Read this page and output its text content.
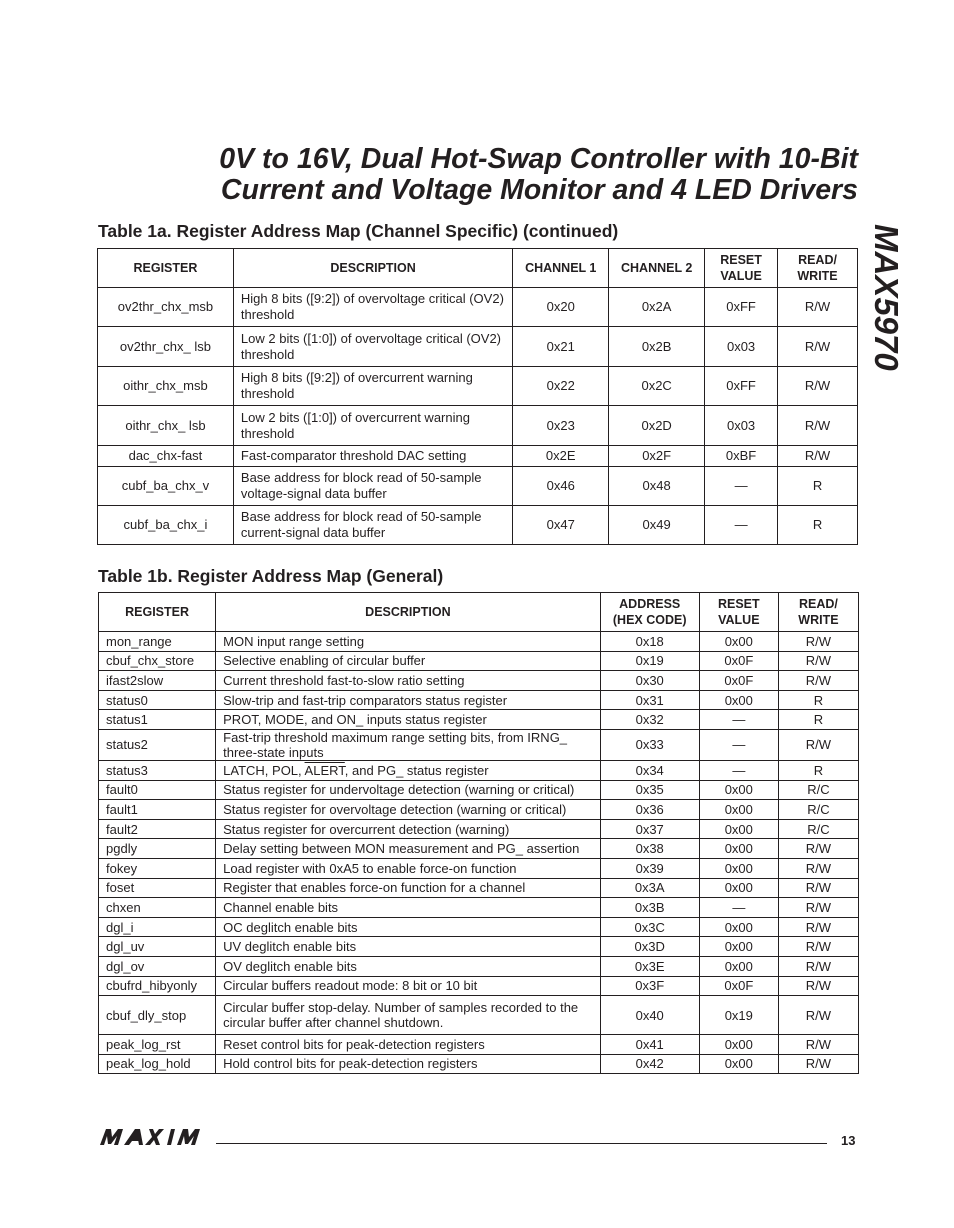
0V to 16V, Dual Hot-Swap Controller with 10-Bit
Current and Voltage Monitor and 4 LED Drivers
MAX5970
Table 1a. Register Address Map (Channel Specific) (continued)
REGISTER	DESCRIPTION	CHANNEL 1	CHANNEL 2	RESET VALUE	READ/ WRITE
ov2thr_chx_msb	High 8 bits ([9:2]) of overvoltage critical (OV2) threshold	0x20	0x2A	0xFF	R/W
ov2thr_chx_ lsb	Low 2 bits ([1:0]) of overvoltage critical (OV2) threshold	0x21	0x2B	0x03	R/W
oithr_chx_msb	High 8 bits ([9:2]) of overcurrent warning threshold	0x22	0x2C	0xFF	R/W
oithr_chx_ lsb	Low 2 bits ([1:0]) of overcurrent warning threshold	0x23	0x2D	0x03	R/W
dac_chx-fast	Fast-comparator threshold DAC setting	0x2E	0x2F	0xBF	R/W
cubf_ba_chx_v	Base address for block read of 50-sample voltage-signal data buffer	0x46	0x48	—	R
cubf_ba_chx_i	Base address for block read of 50-sample current-signal data buffer	0x47	0x49	—	R
Table 1b. Register Address Map (General)
REGISTER	DESCRIPTION	ADDRESS (HEX CODE)	RESET VALUE	READ/ WRITE
mon_range	MON input range setting	0x18	0x00	R/W
cbuf_chx_store	Selective enabling of circular buffer	0x19	0x0F	R/W
ifast2slow	Current threshold fast-to-slow ratio setting	0x30	0x0F	R/W
status0	Slow-trip and fast-trip comparators status register	0x31	0x00	R
status1	PROT, MODE, and ON_ inputs status register	0x32	—	R
status2	Fast-trip threshold maximum range setting bits, from IRNG_ three-state inputs	0x33	—	R/W
status3	LATCH, POL, ALERT, and PG_ status register	0x34	—	R
fault0	Status register for undervoltage detection (warning or critical)	0x35	0x00	R/C
fault1	Status register for overvoltage detection (warning or critical)	0x36	0x00	R/C
fault2	Status register for overcurrent detection (warning)	0x37	0x00	R/C
pgdly	Delay setting between MON measurement and PG_ assertion	0x38	0x00	R/W
fokey	Load register with 0xA5 to enable force-on function	0x39	0x00	R/W
foset	Register that enables force-on function for a channel	0x3A	0x00	R/W
chxen	Channel enable bits	0x3B	—	R/W
dgl_i	OC deglitch enable bits	0x3C	0x00	R/W
dgl_uv	UV deglitch enable bits	0x3D	0x00	R/W
dgl_ov	OV deglitch enable bits	0x3E	0x00	R/W
cbufrd_hibyonly	Circular buffers readout mode: 8 bit or 10 bit	0x3F	0x0F	R/W
cbuf_dly_stop	Circular buffer stop-delay. Number of samples recorded to the circular buffer after channel shutdown.	0x40	0x19	R/W
peak_log_rst	Reset control bits for peak-detection registers	0x41	0x00	R/W
peak_log_hold	Hold control bits for peak-detection registers	0x42	0x00	R/W
13
